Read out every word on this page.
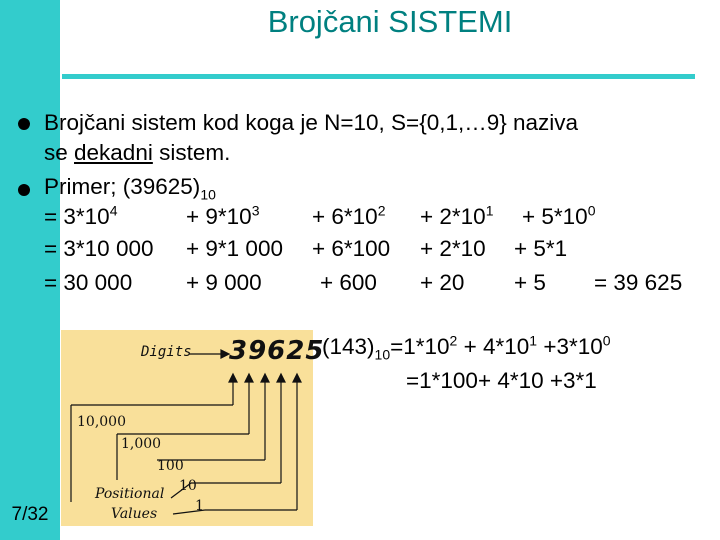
7/32
Brojčani SISTEMI
Brojčani sistem kod koga je N=10, S={0,1,…9} naziva
se dekadni sistem.
Primer; $(39625)_{10}$
= $3*10^4$	+ $9*10^3 + 6*10^2 + 2*10^1 + 5*10^0$
= 3*10 000 + 9*1 000 + 6*100 + 2*10 + 5*1
= 30 000 + 9 000	+ 600 + 20 + 5 = 39 625
$(143)_{10}=1*10^2 + 4*10^1 +3*10^0$
=1*100+ 4*10 +3*1
Digits 39625
10,000
1,000
100
10
1
Positional
Values
